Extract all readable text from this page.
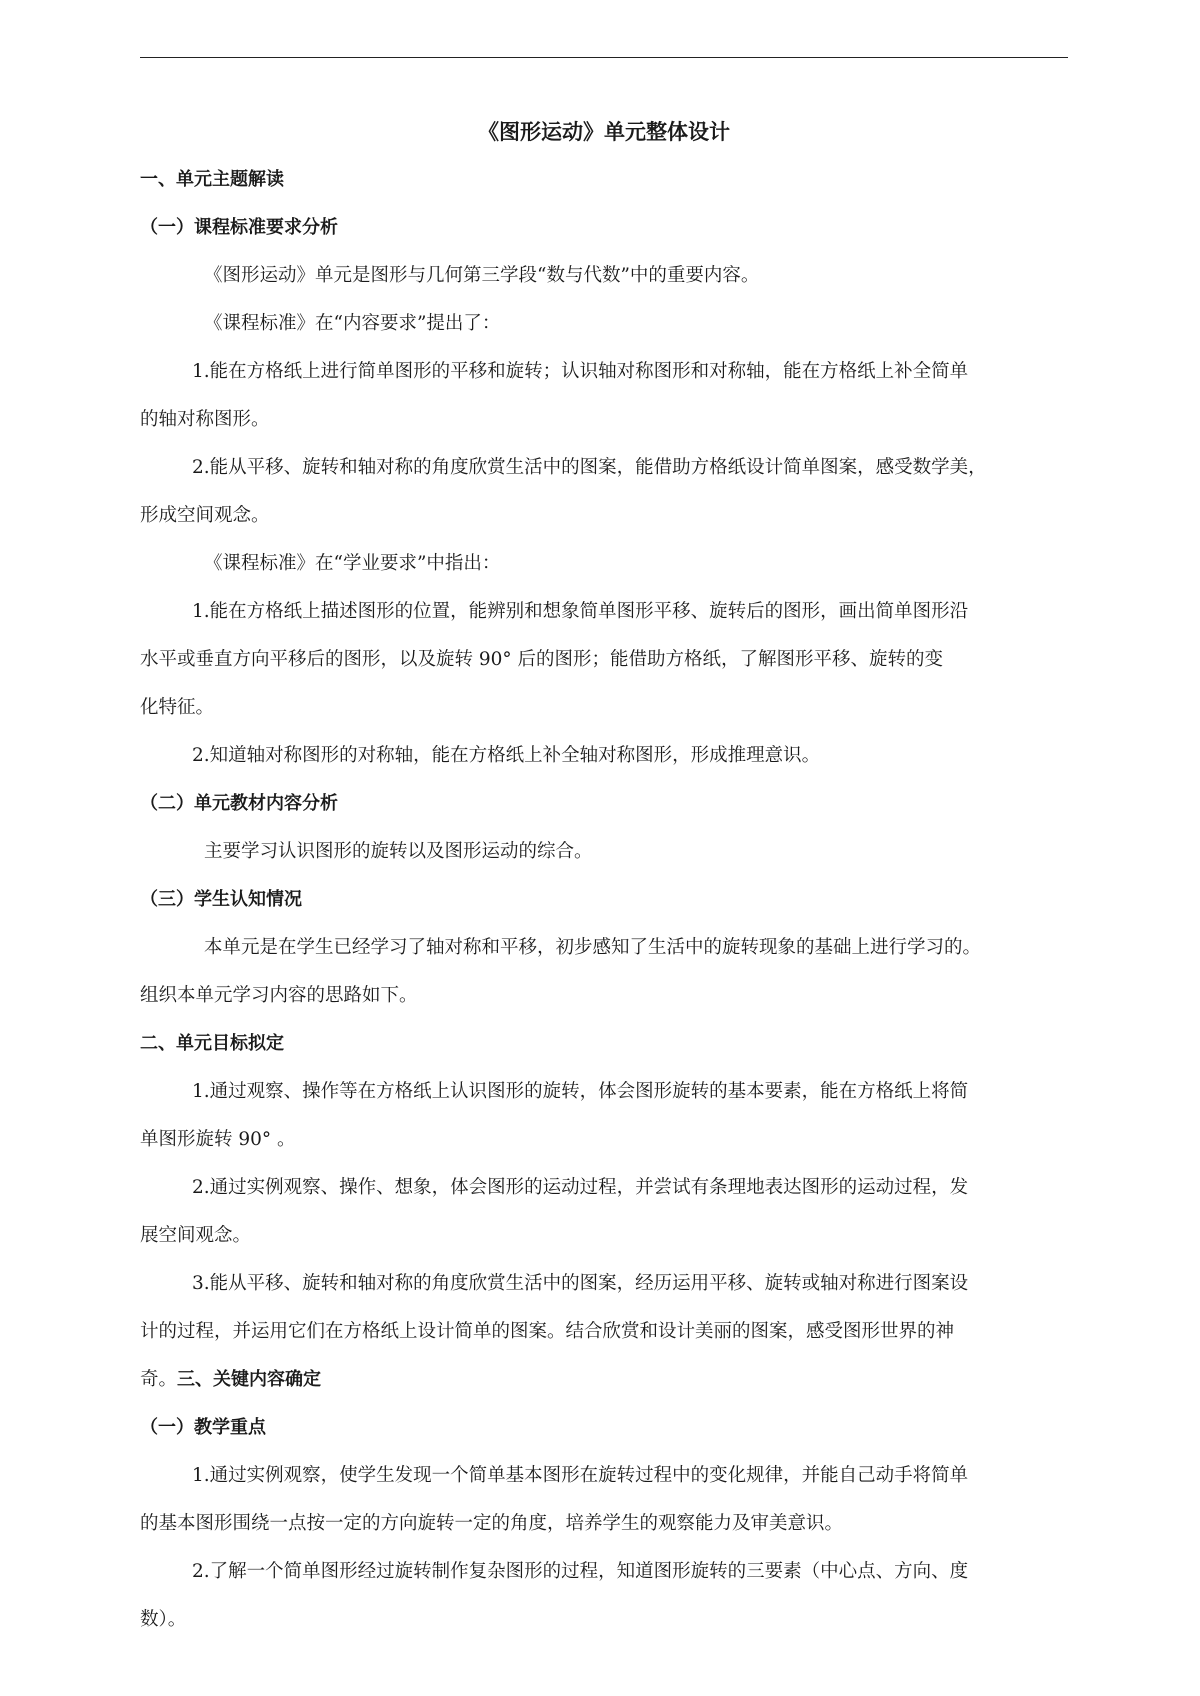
《图形运动》单元整体设计

一、单元主题解读

（一）课程标准要求分析

《图形运动》单元是图形与几何第三学段“数与代数”中的重要内容。

《课程标准》在“内容要求”提出了：

1.能在方格纸上进行简单图形的平移和旋转；认识轴对称图形和对称轴，能在方格纸上补全简单

的轴对称图形。

2.能从平移、旋转和轴对称的角度欣赏生活中的图案，能借助方格纸设计简单图案，感受数学美，

形成空间观念。

《课程标准》在“学业要求”中指出：

1.能在方格纸上描述图形的位置，能辨别和想象简单图形平移、旋转后的图形，画出简单图形沿

水平或垂直方向平移后的图形，以及旋转 90° 后的图形；能借助方格纸，了解图形平移、旋转的变

化特征。

2.知道轴对称图形的对称轴，能在方格纸上补全轴对称图形，形成推理意识。

（二）单元教材内容分析

主要学习认识图形的旋转以及图形运动的综合。

（三）学生认知情况

本单元是在学生已经学习了轴对称和平移，初步感知了生活中的旋转现象的基础上进行学习的。

组织本单元学习内容的思路如下。

二、单元目标拟定

1.通过观察、操作等在方格纸上认识图形的旋转，体会图形旋转的基本要素，能在方格纸上将简

单图形旋转 90° 。

2.通过实例观察、操作、想象，体会图形的运动过程，并尝试有条理地表达图形的运动过程，发

展空间观念。

3.能从平移、旋转和轴对称的角度欣赏生活中的图案，经历运用平移、旋转或轴对称进行图案设

计的过程，并运用它们在方格纸上设计简单的图案。结合欣赏和设计美丽的图案，感受图形世界的神

奇。三、关键内容确定

（一）教学重点

1.通过实例观察，使学生发现一个简单基本图形在旋转过程中的变化规律，并能自己动手将简单

的基本图形围绕一点按一定的方向旋转一定的角度，培养学生的观察能力及审美意识。

2.了解一个简单图形经过旋转制作复杂图形的过程，知道图形旋转的三要素（中心点、方向、度

数）。
